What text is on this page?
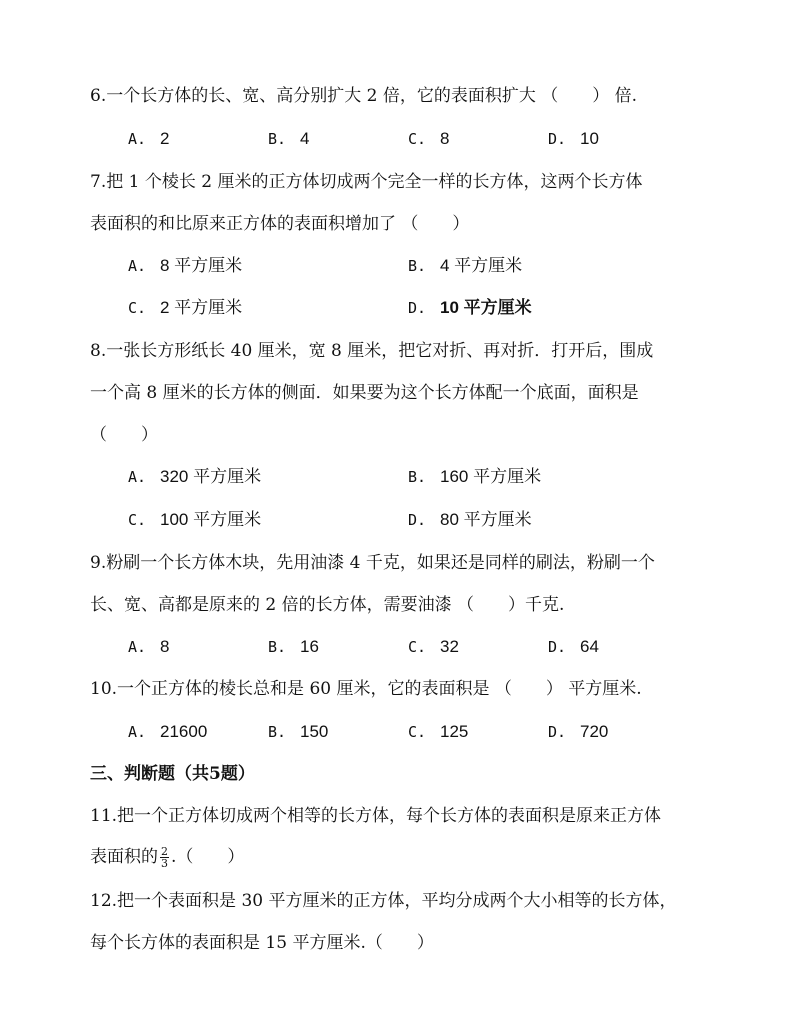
6.一个长方体的长、宽、高分别扩大 2 倍，它的表面积扩大 （　　） 倍.
A. 2	B. 4	C. 8	D. 10
7.把 1 个棱长 2 厘米的正方体切成两个完全一样的长方体，这两个长方体
表面积的和比原来正方体的表面积增加了 （　　）
A. 8 平方厘米	B. 4 平方厘米
C. 2 平方厘米	D. 10 平方厘米
8.一张长方形纸长 40 厘米，宽 8 厘米，把它对折、再对折．打开后，围成
一个高 8 厘米的长方体的侧面．如果要为这个长方体配一个底面，面积是
（　　）
A. 320 平方厘米	B. 160 平方厘米
C. 100 平方厘米	D. 80 平方厘米
9.粉刷一个长方体木块，先用油漆 4 千克，如果还是同样的刷法，粉刷一个
长、宽、高都是原来的 2 倍的长方体，需要油漆 （　　）千克.
A. 8	B. 16	C. 32	D. 64
10.一个正方体的棱长总和是 60 厘米，它的表面积是 （　　） 平方厘米.
A. 21600	B. 150	C. 125	D. 720
三、判断题（共5题）
11.把一个正方体切成两个相等的长方体，每个长方体的表面积是原来正方体
表面积的 $\frac{2}{3}$ .（　　）
12.把一个表面积是 30 平方厘米的正方体，平均分成两个大小相等的长方体，
每个长方体的表面积是 15 平方厘米.（　　）
